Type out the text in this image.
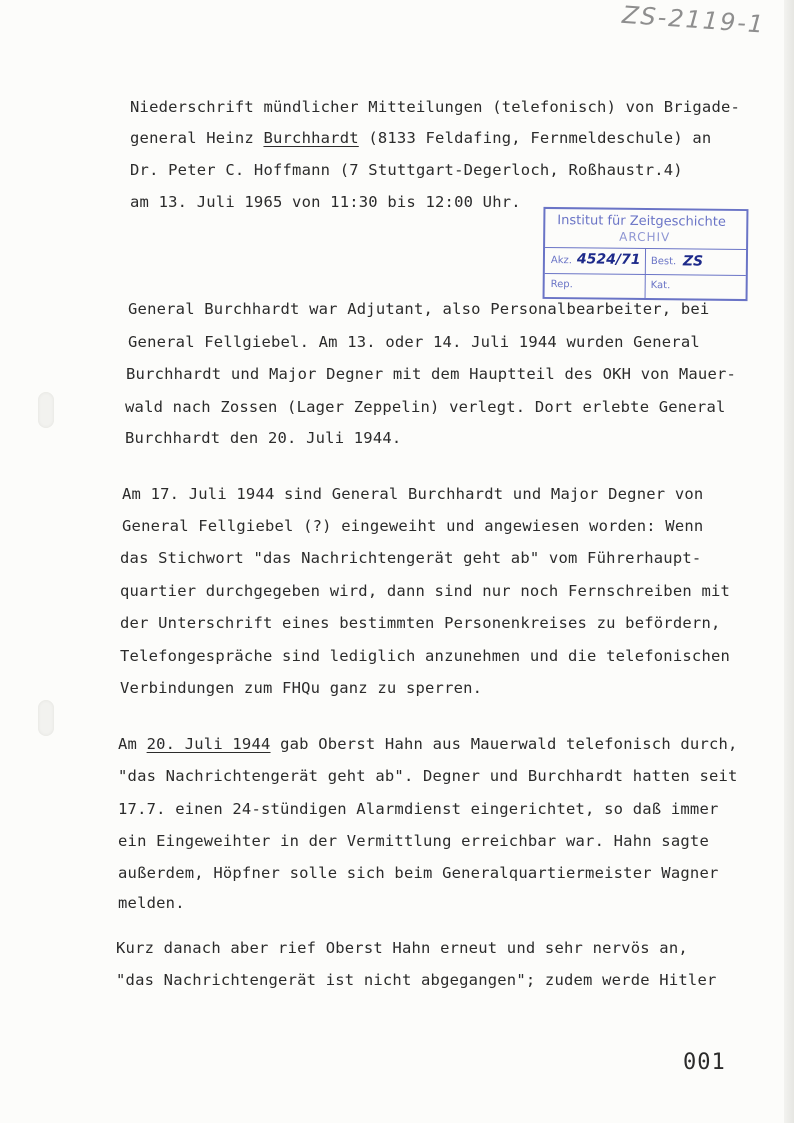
ZS-2119-1
Niederschrift mündlicher Mitteilungen (telefonisch) von Brigade-
general Heinz Burchhardt (8133 Feldafing, Fernmeldeschule) an
Dr. Peter C. Hoffmann (7 Stuttgart-Degerloch, Roßhaustr.4)
am 13. Juli 1965 von 11:30 bis 12:00 Uhr.
Institut für Zeitgeschichte
ARCHIV
Akz. 4524/71 Best. ZS
Rep.	Kat.
General Burchhardt war Adjutant, also Personalbearbeiter, bei
General Fellgiebel. Am 13. oder 14. Juli 1944 wurden General
Burchhardt und Major Degner mit dem Hauptteil des OKH von Mauer-
wald nach Zossen (Lager Zeppelin) verlegt. Dort erlebte General
Burchhardt den 20. Juli 1944.
Am 17. Juli 1944 sind General Burchhardt und Major Degner von
General Fellgiebel (?) eingeweiht und angewiesen worden: Wenn
das Stichwort "das Nachrichtengerät geht ab" vom Führerhaupt-
quartier durchgegeben wird, dann sind nur noch Fernschreiben mit
der Unterschrift eines bestimmten Personenkreises zu befördern,
Telefongespräche sind lediglich anzunehmen und die telefonischen
Verbindungen zum FHQu ganz zu sperren.
Am 20. Juli 1944 gab Oberst Hahn aus Mauerwald telefonisch durch,
"das Nachrichtengerät geht ab". Degner und Burchhardt hatten seit
17.7. einen 24-stündigen Alarmdienst eingerichtet, so daß immer
ein Eingeweihter in der Vermittlung erreichbar war. Hahn sagte
außerdem, Höpfner solle sich beim Generalquartiermeister Wagner
melden.
Kurz danach aber rief Oberst Hahn erneut und sehr nervös an,
"das Nachrichtengerät ist nicht abgegangen"; zudem werde Hitler
001
